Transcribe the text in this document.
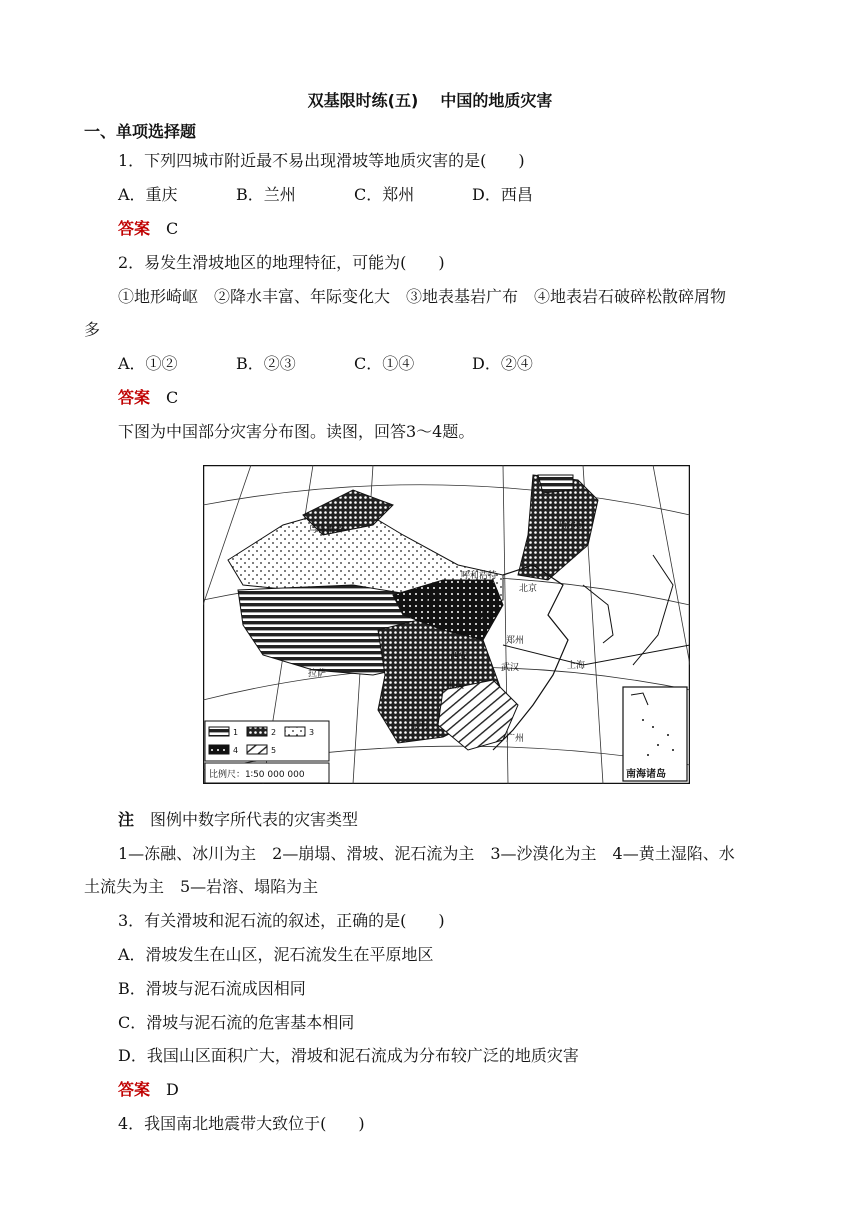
双基限时练(五) 中国的地质灾害
一、单项选择题
1．下列四城市附近最不易出现滑坡等地质灾害的是(　　)
A．重庆	B．兰州	C．郑州	D．西昌
答案 C
2．易发生滑坡地区的地理特征，可能为(　　)
①地形崎岖　②降水丰富、年际变化大　③地表基岩广布　④地表岩石破碎松散碎屑物
多
A．①②	B．②③	C．①④	D．②④
答案 C
下图为中国部分灾害分布图。读图，回答3～4题。
乌鲁木齐	哈尔滨
呼和浩特
北京
银川
太原
郑州
西安
武汉	上海
拉萨
重庆
昆明
广州
1	2	3
4	5
比例尺：1∶50 000 000	南海诸岛
注 图例中数字所代表的灾害类型
1—冻融、冰川为主　2—崩塌、滑坡、泥石流为主　3—沙漠化为主　4—黄土湿陷、水
土流失为主　5—岩溶、塌陷为主
3．有关滑坡和泥石流的叙述，正确的是(　　)
A．滑坡发生在山区，泥石流发生在平原地区
B．滑坡与泥石流成因相同
C．滑坡与泥石流的危害基本相同
D．我国山区面积广大，滑坡和泥石流成为分布较广泛的地质灾害
答案 D
4．我国南北地震带大致位于(　　)
